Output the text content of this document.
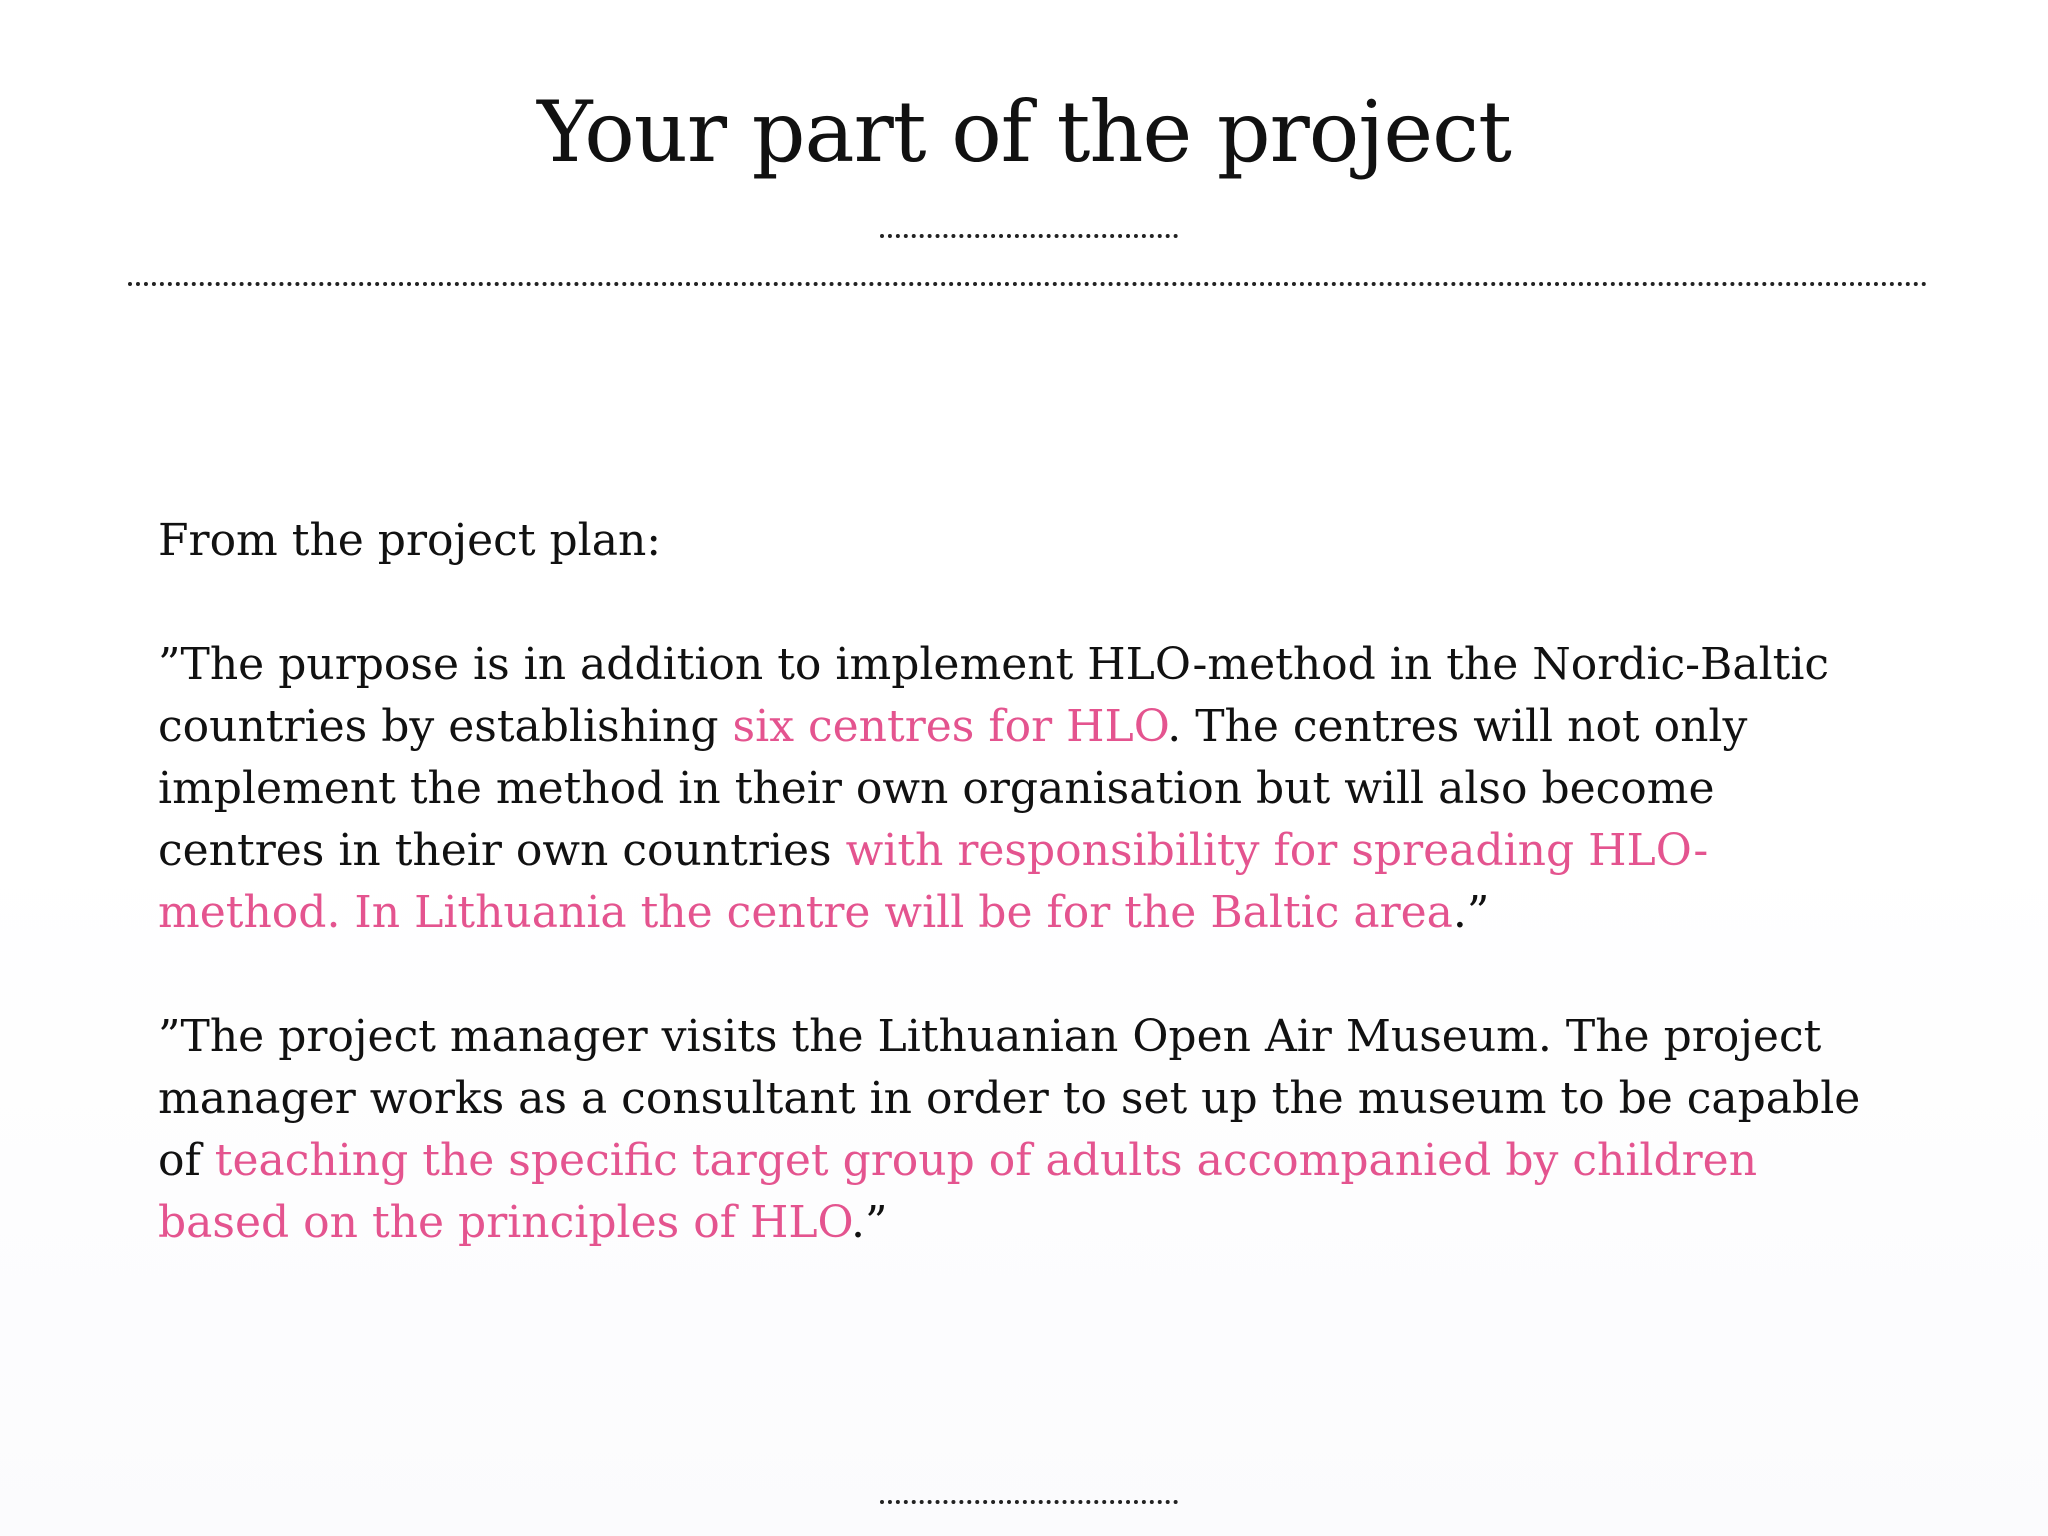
Your part of the project

From the project plan:

”The purpose is in addition to implement HLO-method in the Nordic-Baltic
countries by establishing six centres for HLO. The centres will not only
implement the method in their own organisation but will also become
centres in their own countries with responsibility for spreading HLO-
method. In Lithuania the centre will be for the Baltic area.”

”The project manager visits the Lithuanian Open Air Museum. The project
manager works as a consultant in order to set up the museum to be capable
of teaching the specific target group of adults accompanied by children
based on the principles of HLO.”
